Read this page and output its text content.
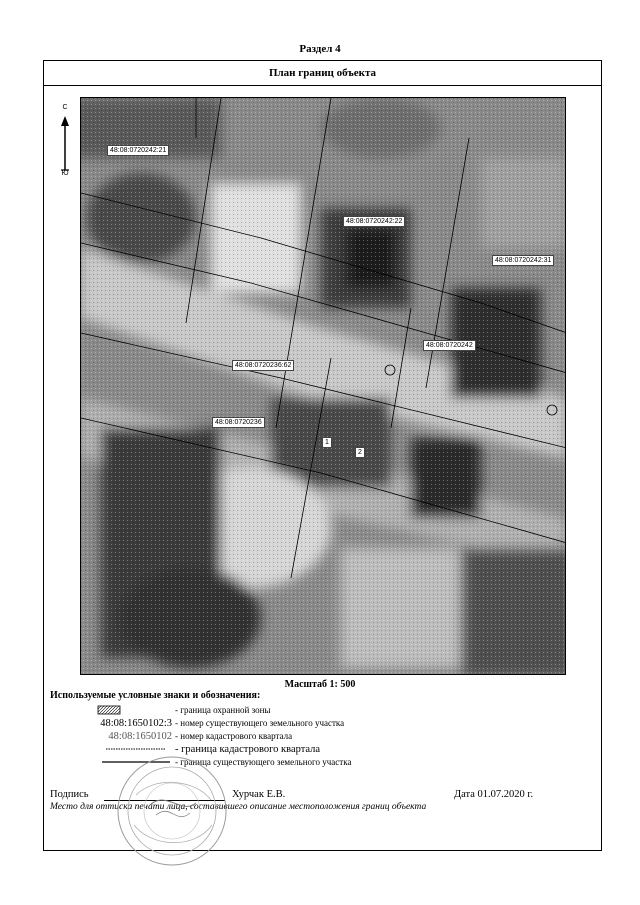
Раздел 4
План границ объекта
48:08:0720242:21
48:08:0720242:22
48:08:0720242:31
48:08:0720242
48:08:0720236:62
48:08:0720236
1
2
С
Ю
Масштаб 1: 500
Используемые условные знаки и обозначения:
- граница охранной зоны
48:08:1650102:3 - номер существующего земельного участка
48:08:1650102 - номер кадастрового квартала
- граница кадастрового квартала
- граница существующего земельного участка
Подпись	Хурчак Е.В.	Дата 01.07.2020 г.
Место для оттиска печати лица, составившего описание местоположения границ объекта
